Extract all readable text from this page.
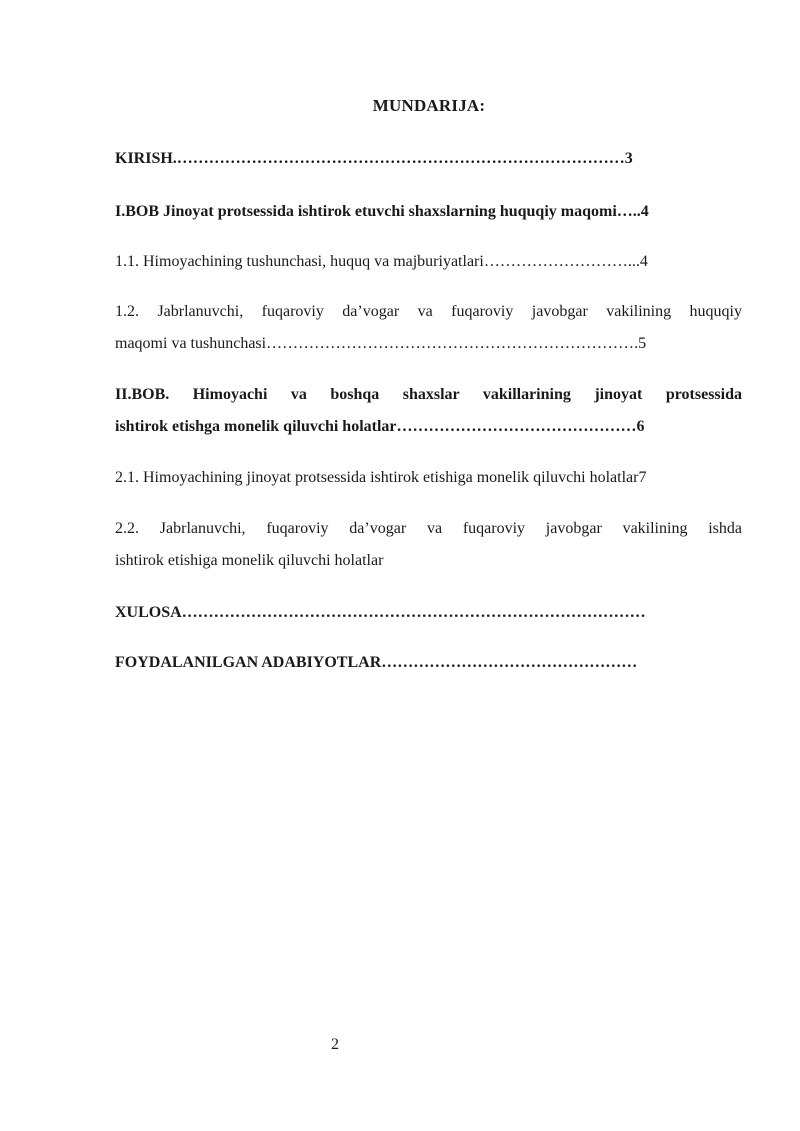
MUNDARIJA:
KIRISH.…………………………………………………………………………3
I.BOB Jinoyat protsessida ishtirok etuvchi shaxslarning huquqiy maqomi…..4
1.1. Himoyachining tushunchasi, huquq va majburiyatlari………………………...4
1.2. Jabrlanuvchi, fuqaroviy da’vogar va fuqaroviy javobgar vakilining huquqiy
maqomi va tushunchasi…………………………………………………………….5
II.BOB. Himoyachi va boshqa shaxslar vakillarining jinoyat protsessida
ishtirok etishga monelik qiluvchi holatlar………………………………………6
2.1. Himoyachining jinoyat protsessida ishtirok etishiga monelik qiluvchi holatlar7
2.2. Jabrlanuvchi, fuqaroviy da’vogar va fuqaroviy javobgar vakilining ishda
ishtirok etishiga monelik qiluvchi holatlar
XULOSA……………………………………………………………………………
FOYDALANILGAN ADABIYOTLAR…………………………………………
2
